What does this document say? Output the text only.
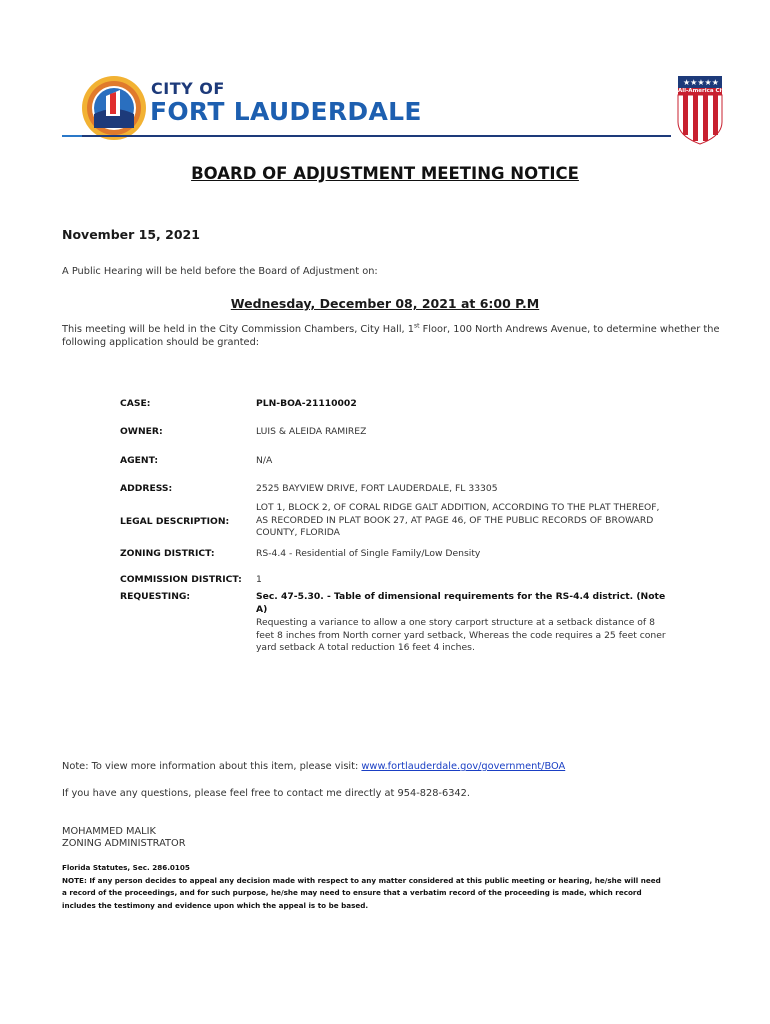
CITY OF
FORT LAUDERDALE
★★★★★
All-America City
BOARD OF ADJUSTMENT MEETING NOTICE
November 15, 2021
A Public Hearing will be held before the Board of Adjustment on:
Wednesday, December 08, 2021 at 6:00 P.M
This meeting will be held in the City Commission Chambers, City Hall, 1st Floor, 100 North Andrews Avenue, to determine whether the following application should be granted:
CASE:	PLN-BOA-21110002
OWNER:	LUIS & ALEIDA RAMIREZ
AGENT:	N/A
ADDRESS:	2525 BAYVIEW DRIVE, FORT LAUDERDALE, FL 33305
LEGAL DESCRIPTION:
LOT 1, BLOCK 2, OF CORAL RIDGE GALT ADDITION, ACCORDING TO THE PLAT THEREOF, AS RECORDED IN PLAT BOOK 27, AT PAGE 46, OF THE PUBLIC RECORDS OF BROWARD COUNTY, FLORIDA
ZONING DISTRICT:	RS-4.4 - Residential of Single Family/Low Density
COMMISSION DISTRICT: 1
REQUESTING:	Sec. 47-5.30. - Table of dimensional requirements for the RS-4.4 district. (Note A)
Requesting a variance to allow a one story carport structure at a setback distance of 8 feet 8 inches from North corner yard setback, Whereas the code requires a 25 feet coner yard setback A total reduction 16 feet 4 inches.
Note: To view more information about this item, please visit: www.fortlauderdale.gov/government/BOA
If you have any questions, please feel free to contact me directly at 954-828-6342.
MOHAMMED MALIK
ZONING ADMINISTRATOR
Florida Statutes, Sec. 286.0105
NOTE: If any person decides to appeal any decision made with respect to any matter considered at this public meeting or hearing, he/she will need a record of the proceedings, and for such purpose, he/she may need to ensure that a verbatim record of the proceeding is made, which record includes the testimony and evidence upon which the appeal is to be based.
